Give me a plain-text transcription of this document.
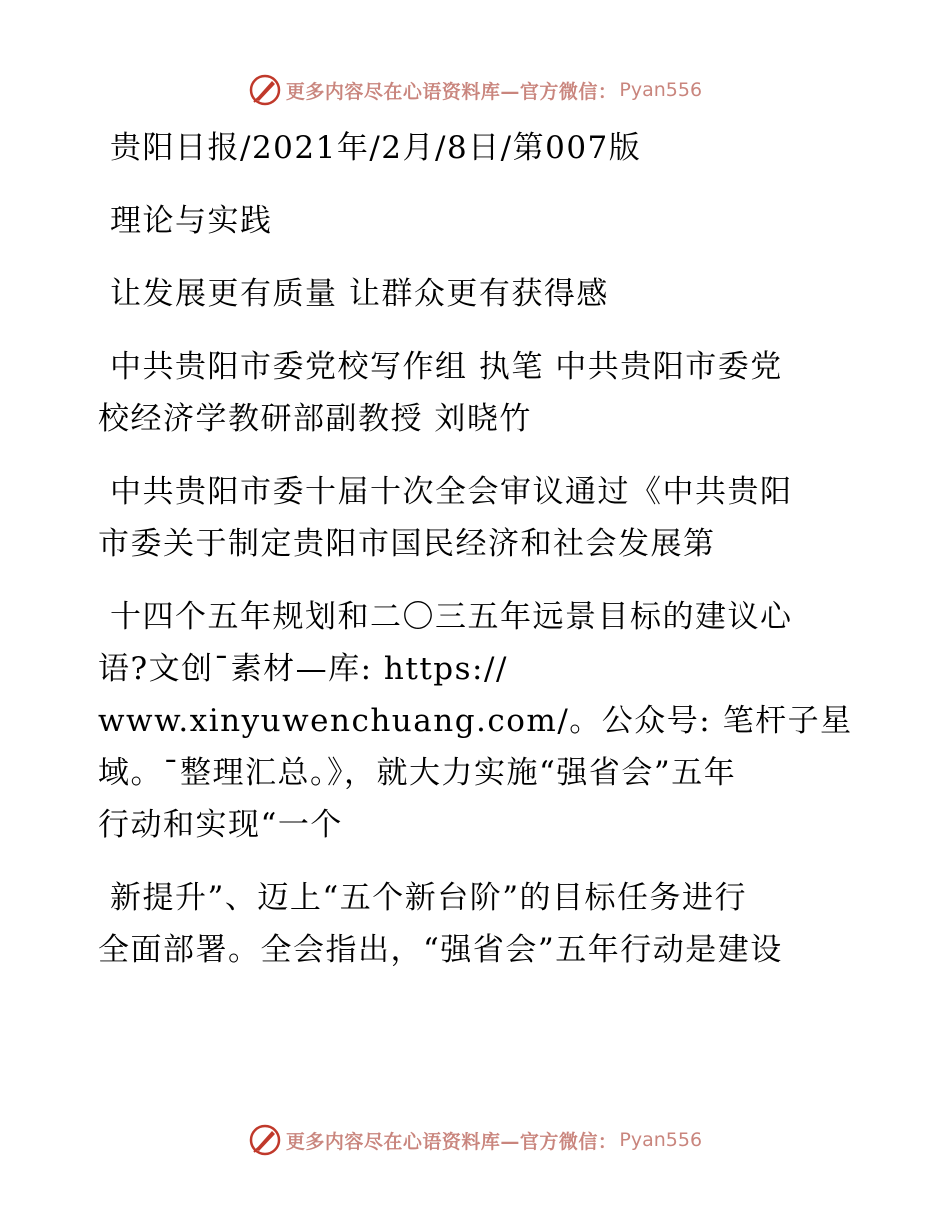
更多内容尽在心语资料库—官方微信： Pyan556

贵阳日报/2021年/2月/8日/第007版

理论与实践

让发展更有质量 让群众更有获得感

中共贵阳市委党校写作组 执笔 中共贵阳市委党
校经济学教研部副教授 刘晓竹

中共贵阳市委十届十次全会审议通过《中共贵阳
市委关于制定贵阳市国民经济和社会发展第

十四个五年规划和二〇三五年远景目标的建议心
语?文创¯素材—库: https://
www.xinyuwenchuang.com/。公众号: 笔杆子星
域。¯整理汇总。》，就大力实施“强省会”五年
行动和实现“一个

新提升”、迈上“五个新台阶”的目标任务进行
全面部署。全会指出，“强省会”五年行动是建设

更多内容尽在心语资料库—官方微信： Pyan556
